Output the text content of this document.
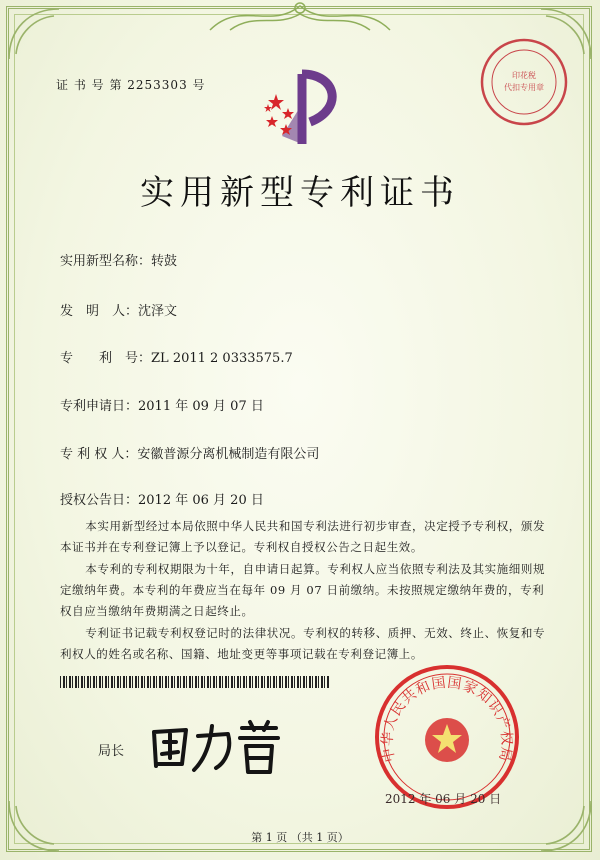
证 书 号 第 2253303 号
印花税
代扣专用章
实用新型专利证书
实用新型名称：转鼓
发　明　人：沈泽文
专　　利　号：ZL 2011 2 0333575.7
专利申请日：2011 年 09 月 07 日
专 利 权 人：安徽普源分离机械制造有限公司
授权公告日：2012 年 06 月 20 日
本实用新型经过本局依照中华人民共和国专利法进行初步审查，决定授予专利权，颁发本证书并在专利登记簿上予以登记。专利权自授权公告之日起生效。
本专利的专利权期限为十年，自申请日起算。专利权人应当依照专利法及其实施细则规定缴纳年费。本专利的年费应当在每年 09 月 07 日前缴纳。未按照规定缴纳年费的，专利权自应当缴纳年费期满之日起终止。
专利证书记载专利权登记时的法律状况。专利权的转移、质押、无效、终止、恢复和专利权人的姓名或名称、国籍、地址变更等事项记载在专利登记簿上。
局长	中华人民共和国国家知识产权局
2012 年 06 月 20 日
第 1 页 （共 1 页）
